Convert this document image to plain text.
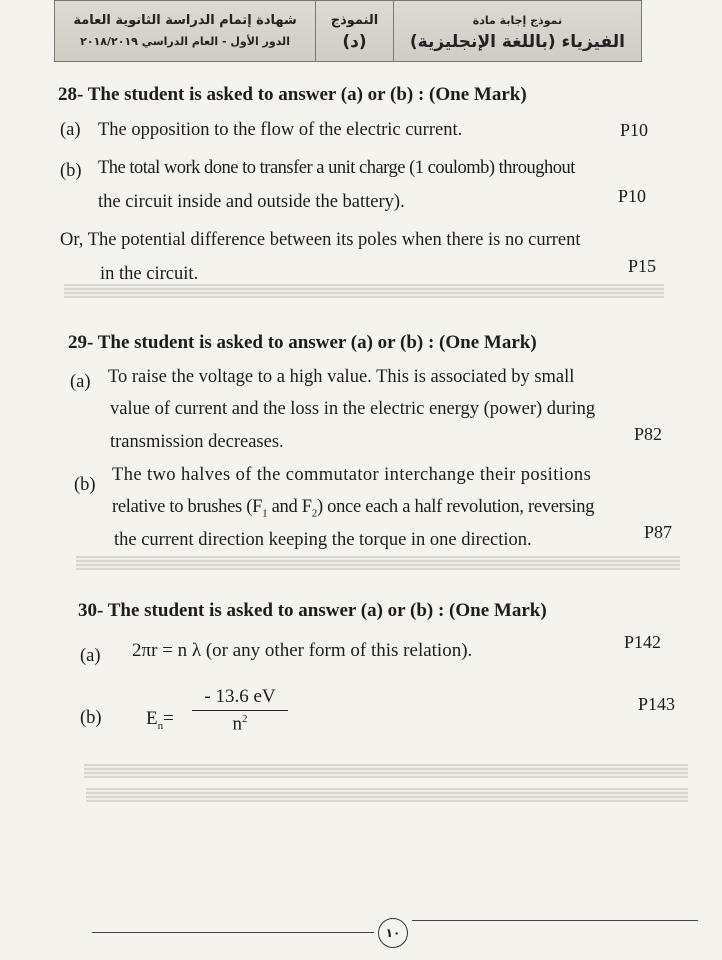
شهادة إتمام الدراسة الثانوية العامة
الدور الأول - العام الدراسي ٢٠١٨/٢٠١٩
النموذج
(د)
نموذج إجابة مادة
الفيزياء (باللغة الإنجليزية)
28- The student is asked to answer (a) or (b) : (One Mark)
(a) The opposition to the flow of the electric current.	P10
(b) The total work done to transfer a unit charge (1 coulomb) throughout
the circuit inside and outside the battery).	P10
Or, The potential difference between its poles when there is no current
in the circuit.	P15
29- The student is asked to answer (a) or (b) : (One Mark)
(a) To raise the voltage to a high value. This is associated by small
value of current and the loss in the electric energy (power) during
transmission decreases.	P82
(b) The two halves of the commutator interchange their positions
relative to brushes ($F_1$ and $F_2$) once each a half revolution, reversing
the current direction keeping the torque in one direction.	P87
30- The student is asked to answer (a) or (b) : (One Mark)
(a) 2πr = n λ (or any other form of this relation).	P142
(b) $E_n=$
- 13.6 eV
$n^2$
P143
١٠
